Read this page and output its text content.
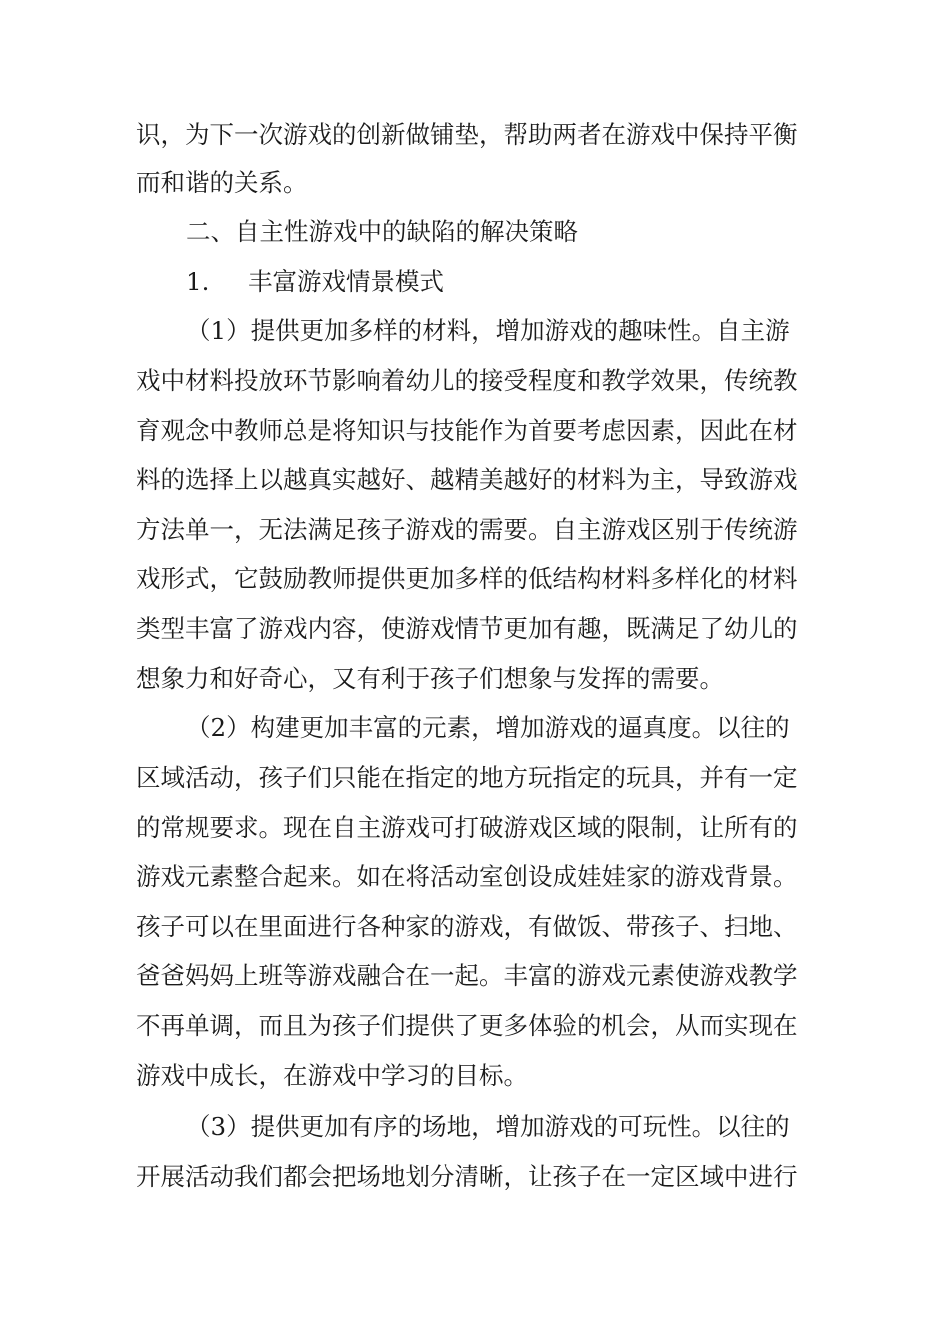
识，为下一次游戏的创新做铺垫，帮助两者在游戏中保持平衡
而和谐的关系。
二、自主性游戏中的缺陷的解决策略
1.	丰富游戏情景模式
（1）提供更加多样的材料，增加游戏的趣味性。自主游
戏中材料投放环节影响着幼儿的接受程度和教学效果，传统教
育观念中教师总是将知识与技能作为首要考虑因素，因此在材
料的选择上以越真实越好、越精美越好的材料为主，导致游戏
方法单一，无法满足孩子游戏的需要。自主游戏区别于传统游
戏形式，它鼓励教师提供更加多样的低结构材料多样化的材料
类型丰富了游戏内容，使游戏情节更加有趣，既满足了幼儿的
想象力和好奇心，又有利于孩子们想象与发挥的需要。
（2）构建更加丰富的元素，增加游戏的逼真度。以往的
区域活动，孩子们只能在指定的地方玩指定的玩具，并有一定
的常规要求。现在自主游戏可打破游戏区域的限制，让所有的
游戏元素整合起来。如在将活动室创设成娃娃家的游戏背景。
孩子可以在里面进行各种家的游戏，有做饭、带孩子、扫地、
爸爸妈妈上班等游戏融合在一起。丰富的游戏元素使游戏教学
不再单调，而且为孩子们提供了更多体验的机会，从而实现在
游戏中成长，在游戏中学习的目标。
（3）提供更加有序的场地，增加游戏的可玩性。以往的
开展活动我们都会把场地划分清晰，让孩子在一定区域中进行
